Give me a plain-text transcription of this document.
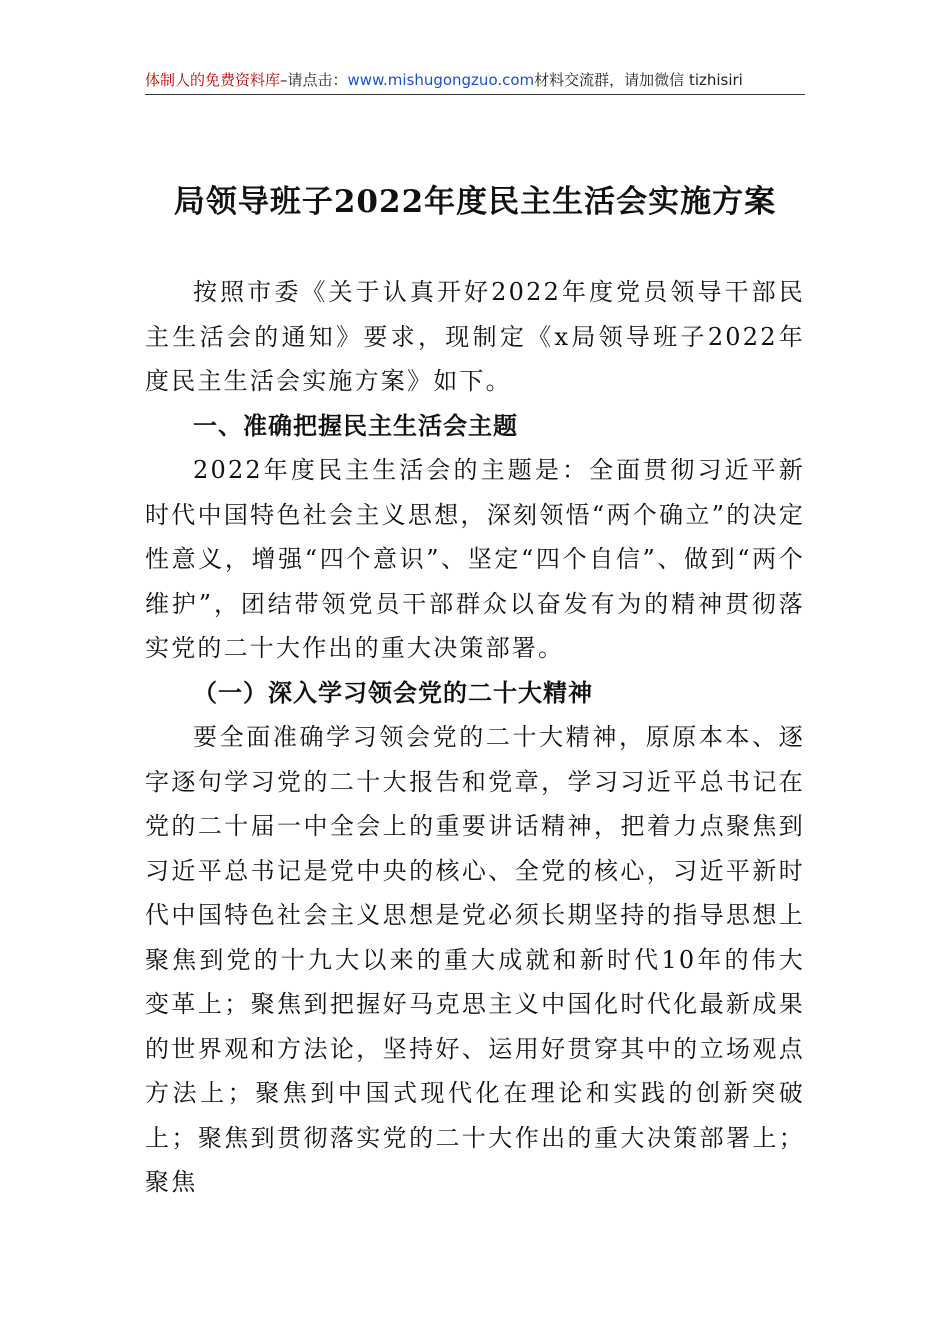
体制人的免费资料库–请点击：www.mishugongzuo.com材料交流群，请加微信 tizhisiri
局领导班子2022年度民主生活会实施方案

按照市委《关于认真开好2022年度党员领导干部民主生活会的通知》要求，现制定《x局领导班子2022年度民主生活会实施方案》如下。

一、准确把握民主生活会主题

2022年度民主生活会的主题是：全面贯彻习近平新时代中国特色社会主义思想，深刻领悟“两个确立”的决定性意义，增强“四个意识”、坚定“四个自信”、做到“两个维护”，团结带领党员干部群众以奋发有为的精神贯彻落实党的二十大作出的重大决策部署。

（一）深入学习领会党的二十大精神

要全面准确学习领会党的二十大精神，原原本本、逐字逐句学习党的二十大报告和党章，学习习近平总书记在党的二十届一中全会上的重要讲话精神，把着力点聚焦到习近平总书记是党中央的核心、全党的核心，习近平新时代中国特色社会主义思想是党必须长期坚持的指导思想上聚焦到党的十九大以来的重大成就和新时代10年的伟大变革上；聚焦到把握好马克思主义中国化时代化最新成果的世界观和方法论，坚持好、运用好贯穿其中的立场观点方法上；聚焦到中国式现代化在理论和实践的创新突破上；聚焦到贯彻落实党的二十大作出的重大决策部署上；聚焦
